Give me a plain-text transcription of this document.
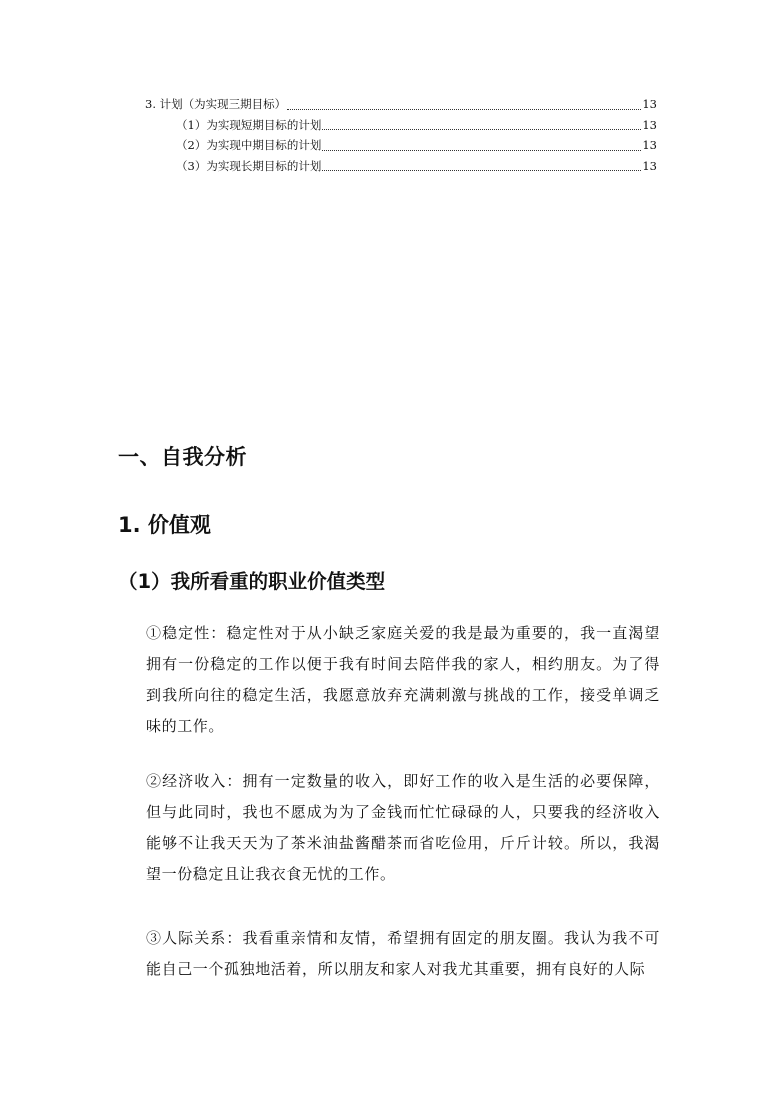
3. 计划（为实现三期目标）	13
（1）为实现短期目标的计划	13
（2）为实现中期目标的计划	13
（3）为实现长期目标的计划	13
一、自我分析
1. 价值观
（1）我所看重的职业价值类型

①稳定性：稳定性对于从小缺乏家庭关爱的我是最为重要的，我一直渴望拥有一份稳定的工作以便于我有时间去陪伴我的家人，相约朋友。为了得到我所向往的稳定生活，我愿意放弃充满刺激与挑战的工作，接受单调乏味的工作。

②经济收入：拥有一定数量的收入，即好工作的收入是生活的必要保障，但与此同时，我也不愿成为为了金钱而忙忙碌碌的人，只要我的经济收入能够不让我天天为了茶米油盐酱醋茶而省吃俭用，斤斤计较。所以，我渴望一份稳定且让我衣食无忧的工作。

③人际关系：我看重亲情和友情，希望拥有固定的朋友圈。我认为我不可能自己一个孤独地活着，所以朋友和家人对我尤其重要，拥有良好的人际
